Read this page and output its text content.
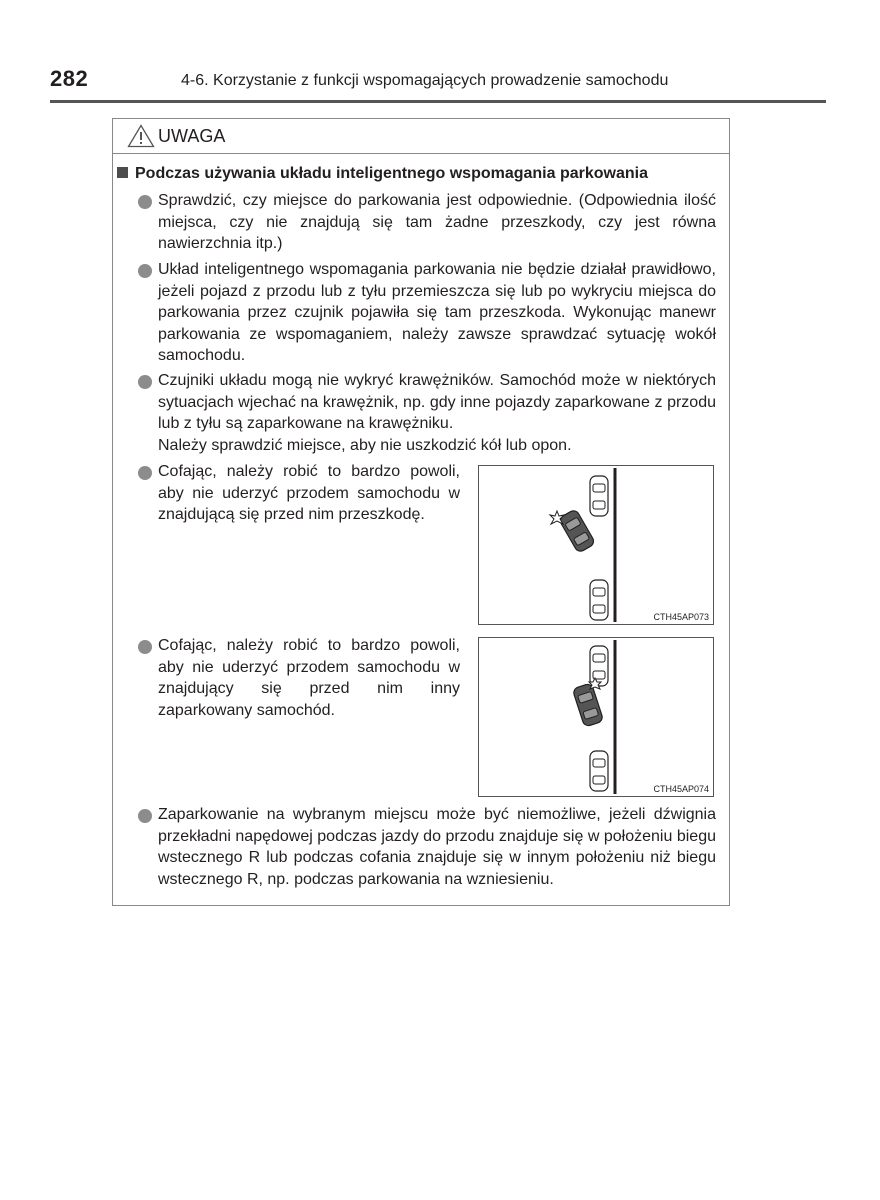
282	4-6. Korzystanie z funkcji wspomagających prowadzenie samochodu
UWAGA
Podczas używania układu inteligentnego wspomagania parkowania

Sprawdzić, czy miejsce do parkowania jest odpowiednie. (Odpowiednia ilość miejsca, czy nie znajdują się tam żadne przeszkody, czy jest równa nawierzchnia itp.)

Układ inteligentnego wspomagania parkowania nie będzie działał prawidłowo, jeżeli pojazd z przodu lub z tyłu przemieszcza się lub po wykryciu miejsca do parkowania przez czujnik pojawiła się tam przeszkoda. Wykonując manewr parkowania ze wspomaganiem, należy zawsze sprawdzać sytuację wokół samochodu.

Czujniki układu mogą nie wykryć krawężników. Samochód może w niektórych sytuacjach wjechać na krawężnik, np. gdy inne pojazdy zaparkowane z przodu lub z tyłu są zaparkowane na krawężniku.

Należy sprawdzić miejsce, aby nie uszkodzić kół lub opon.

Cofając, należy robić to bardzo powoli, aby nie uderzyć przodem samochodu w znajdującą się przed nim przeszkodę.

CTH45AP073

Cofając, należy robić to bardzo powoli, aby nie uderzyć przodem samochodu w znajdujący się przed nim inny zaparkowany samochód.

CTH45AP074

Zaparkowanie na wybranym miejscu może być niemożliwe, jeżeli dźwignia przekładni napędowej podczas jazdy do przodu znajduje się w położeniu biegu wstecznego R lub podczas cofania znajduje się w innym położeniu niż biegu wstecznego R, np. podczas parkowania na wzniesieniu.
